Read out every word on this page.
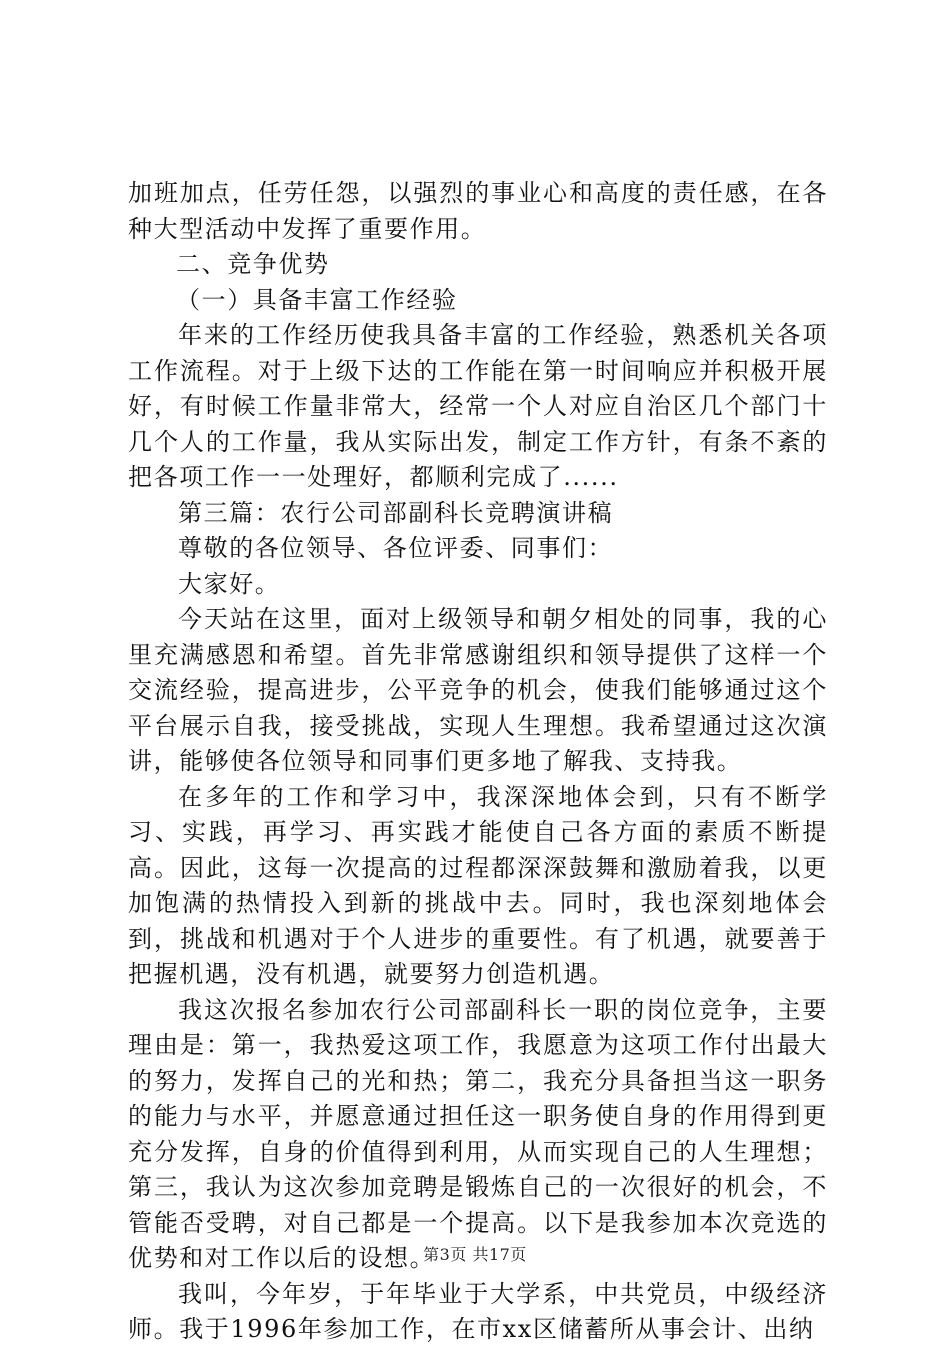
加班加点，任劳任怨，以强烈的事业心和高度的责任感，在各种大型活动中发挥了重要作用。

二、竞争优势

（一）具备丰富工作经验

年来的工作经历使我具备丰富的工作经验，熟悉机关各项工作流程。对于上级下达的工作能在第一时间响应并积极开展好，有时候工作量非常大，经常一个人对应自治区几个部门十几个人的工作量，我从实际出发，制定工作方针，有条不紊的把各项工作一一处理好，都顺利完成了......

第三篇：农行公司部副科长竞聘演讲稿

尊敬的各位领导、各位评委、同事们：

大家好。

今天站在这里，面对上级领导和朝夕相处的同事，我的心里充满感恩和希望。首先非常感谢组织和领导提供了这样一个交流经验，提高进步，公平竞争的机会，使我们能够通过这个平台展示自我，接受挑战，实现人生理想。我希望通过这次演讲，能够使各位领导和同事们更多地了解我、支持我。

在多年的工作和学习中，我深深地体会到，只有不断学习、实践，再学习、再实践才能使自己各方面的素质不断提高。因此，这每一次提高的过程都深深鼓舞和激励着我，以更加饱满的热情投入到新的挑战中去。同时，我也深刻地体会到，挑战和机遇对于个人进步的重要性。有了机遇，就要善于把握机遇，没有机遇，就要努力创造机遇。

我这次报名参加农行公司部副科长一职的岗位竞争，主要理由是：第一，我热爱这项工作，我愿意为这项工作付出最大的努力，发挥自己的光和热；第二，我充分具备担当这一职务的能力与水平，并愿意通过担任这一职务使自身的作用得到更充分发挥，自身的价值得到利用，从而实现自己的人生理想；第三，我认为这次参加竞聘是锻炼自己的一次很好的机会，不管能否受聘，对自己都是一个提高。以下是我参加本次竞选的优势和对工作以后的设想。

我叫，今年岁，于年毕业于大学系，中共党员，中级经济师。我于1996年参加工作，在市xx区储蓄所从事会计、出纳

第3页 共17页
